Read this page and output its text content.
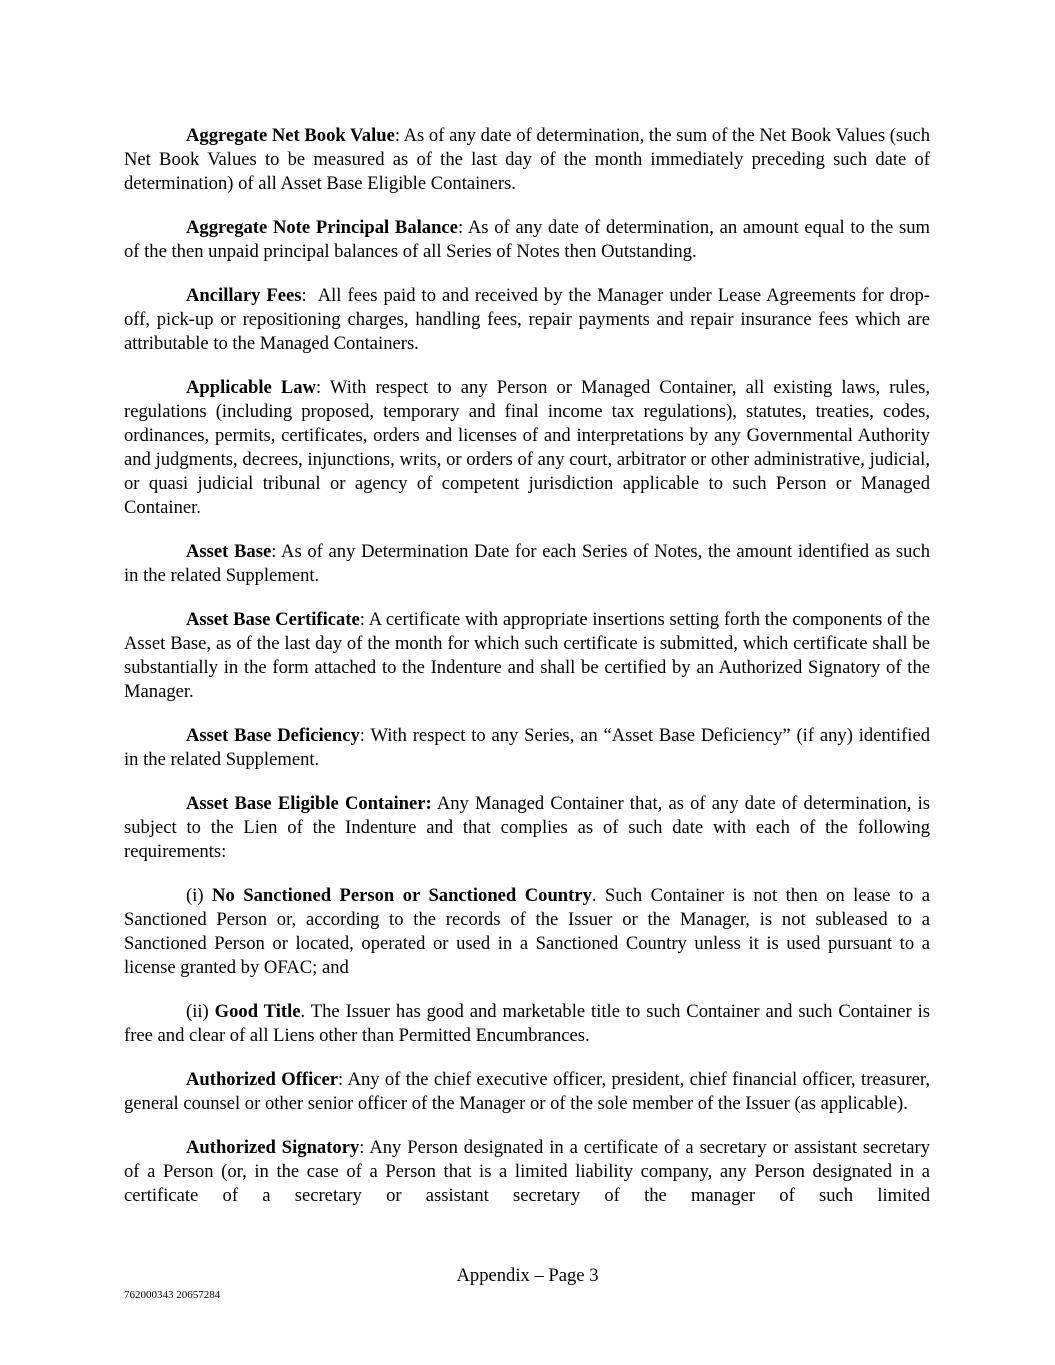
Aggregate Net Book Value: As of any date of determination, the sum of the Net Book Values (such Net Book Values to be measured as of the last day of the month immediately preceding such date of determination) of all Asset Base Eligible Containers.

Aggregate Note Principal Balance: As of any date of determination, an amount equal to the sum of the then unpaid principal balances of all Series of Notes then Outstanding.

Ancillary Fees:  All fees paid to and received by the Manager under Lease Agreements for drop-off, pick-up or repositioning charges, handling fees, repair payments and repair insurance fees which are attributable to the Managed Containers.

Applicable Law: With respect to any Person or Managed Container, all existing laws, rules, regulations (including proposed, temporary and final income tax regulations), statutes, treaties, codes, ordinances, permits, certificates, orders and licenses of and interpretations by any Governmental Authority and judgments, decrees, injunctions, writs, or orders of any court, arbitrator or other administrative, judicial, or quasi judicial tribunal or agency of competent jurisdiction applicable to such Person or Managed Container.

Asset Base: As of any Determination Date for each Series of Notes, the amount identified as such in the related Supplement.

Asset Base Certificate: A certificate with appropriate insertions setting forth the components of the Asset Base, as of the last day of the month for which such certificate is submitted, which certificate shall be substantially in the form attached to the Indenture and shall be certified by an Authorized Signatory of the Manager.

Asset Base Deficiency: With respect to any Series, an “Asset Base Deficiency” (if any) identified in the related Supplement.

Asset Base Eligible Container: Any Managed Container that, as of any date of determination, is subject to the Lien of the Indenture and that complies as of such date with each of the following requirements:

(i) No Sanctioned Person or Sanctioned Country. Such Container is not then on lease to a Sanctioned Person or, according to the records of the Issuer or the Manager, is not subleased to a Sanctioned Person or located, operated or used in a Sanctioned Country unless it is used pursuant to a license granted by OFAC; and

(ii) Good Title. The Issuer has good and marketable title to such Container and such Container is free and clear of all Liens other than Permitted Encumbrances.

Authorized Officer: Any of the chief executive officer, president, chief financial officer, treasurer, general counsel or other senior officer of the Manager or of the sole member of the Issuer (as applicable).

Authorized Signatory: Any Person designated in a certificate of a secretary or assistant secretary of a Person (or, in the case of a Person that is a limited liability company, any Person designated in a certificate of a secretary or assistant secretary of the manager of such limited

Appendix – Page 3
762000343 20657284
